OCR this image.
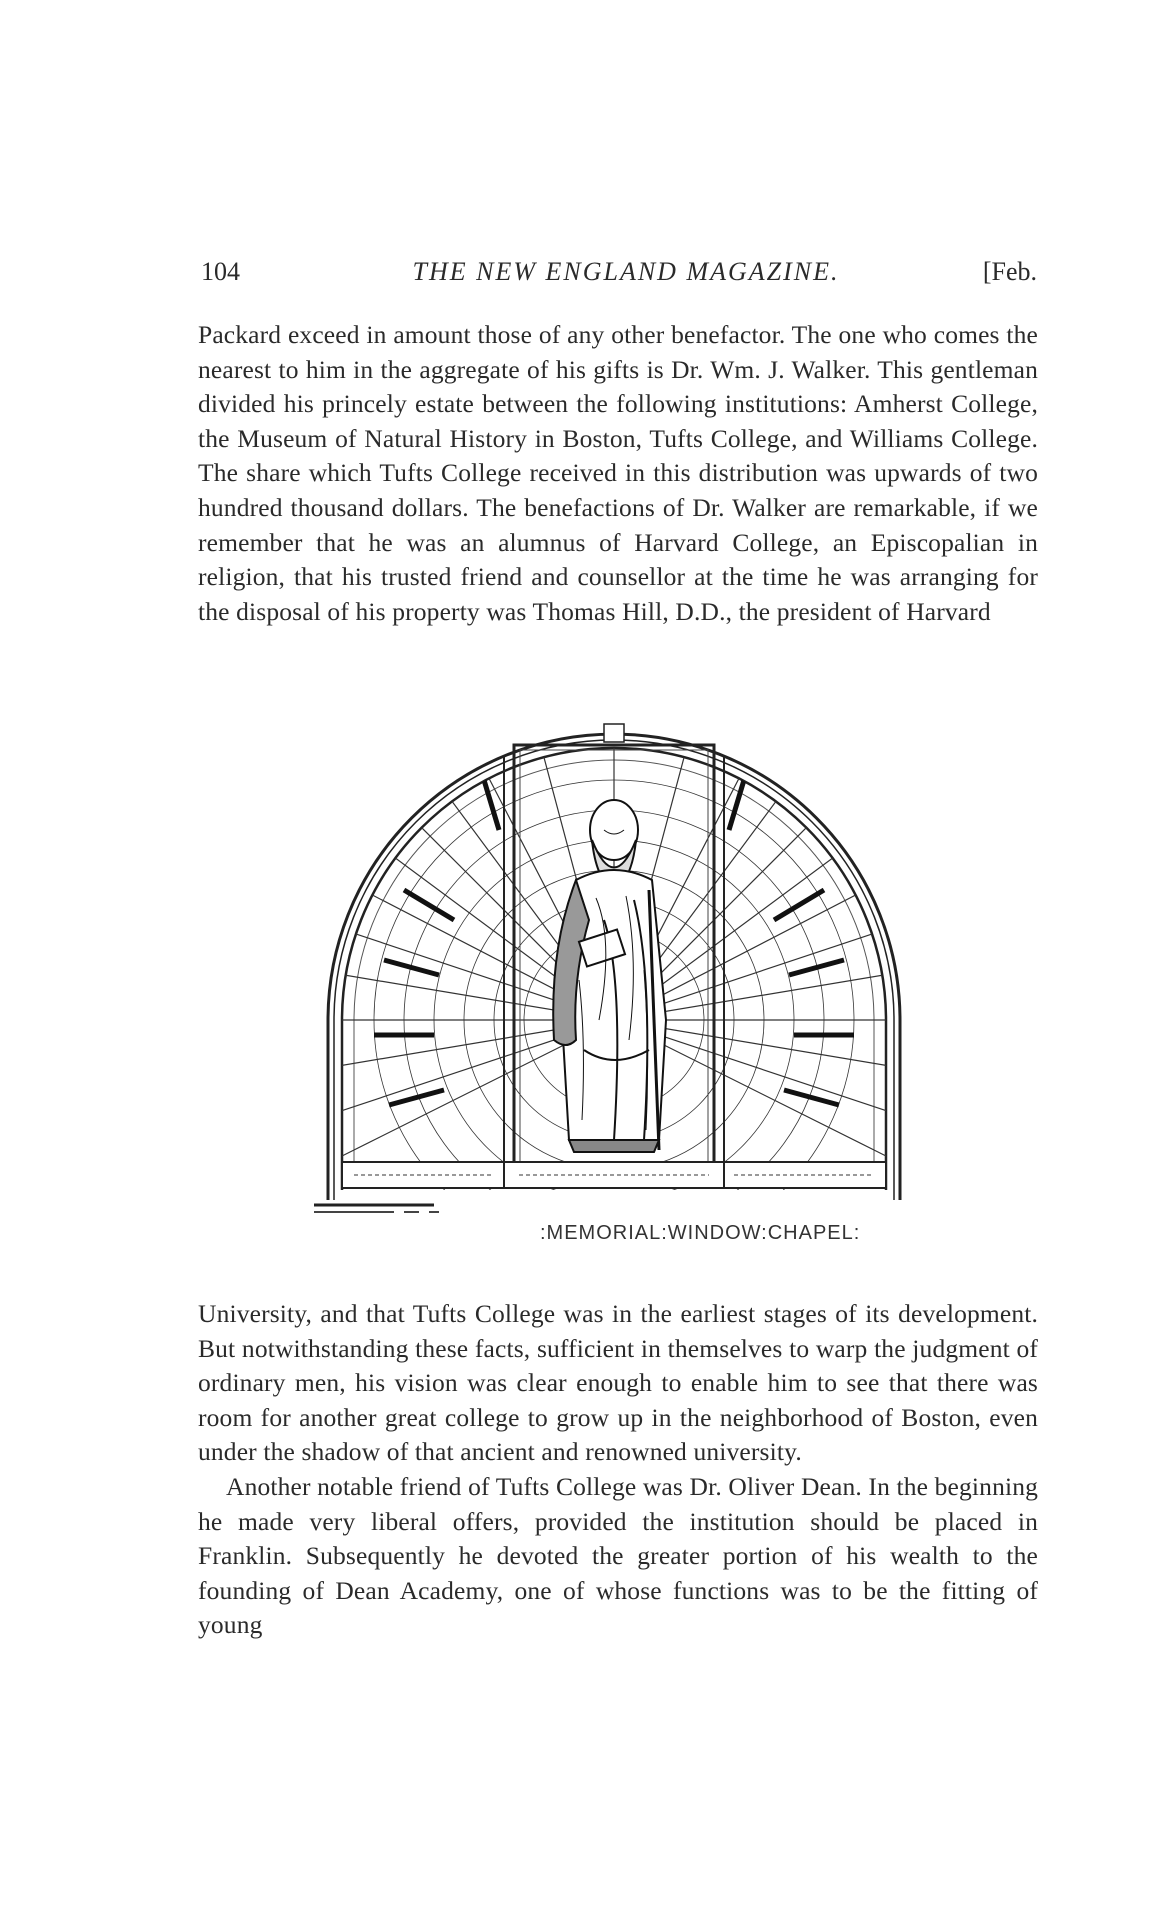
104	THE NEW ENGLAND MAGAZINE.	[Feb.

Packard exceed in amount those of any other benefactor. The one who comes the nearest to him in the aggregate of his gifts is Dr. Wm. J. Walker. This gentleman divided his princely estate between the following institutions: Amherst College, the Museum of Natural History in Boston, Tufts College, and Williams College. The share which Tufts College received in this distribution was upwards of two hundred thousand dollars. The benefactions of Dr. Walker are remarkable, if we remember that he was an alumnus of Harvard College, an Episcopalian in religion, that his trusted friend and counsellor at the time he was arranging for the disposal of his property was Thomas Hill, D.D., the president of Harvard

:MEMORIAL:WINDOW:CHAPEL:

University, and that Tufts College was in the earliest stages of its development. But notwithstanding these facts, sufficient in themselves to warp the judgment of ordinary men, his vision was clear enough to enable him to see that there was room for another great college to grow up in the neighborhood of Boston, even under the shadow of that ancient and renowned university.

Another notable friend of Tufts College was Dr. Oliver Dean. In the beginning he made very liberal offers, provided the institution should be placed in Franklin. Subsequently he devoted the greater portion of his wealth to the founding of Dean Academy, one of whose functions was to be the fitting of young
